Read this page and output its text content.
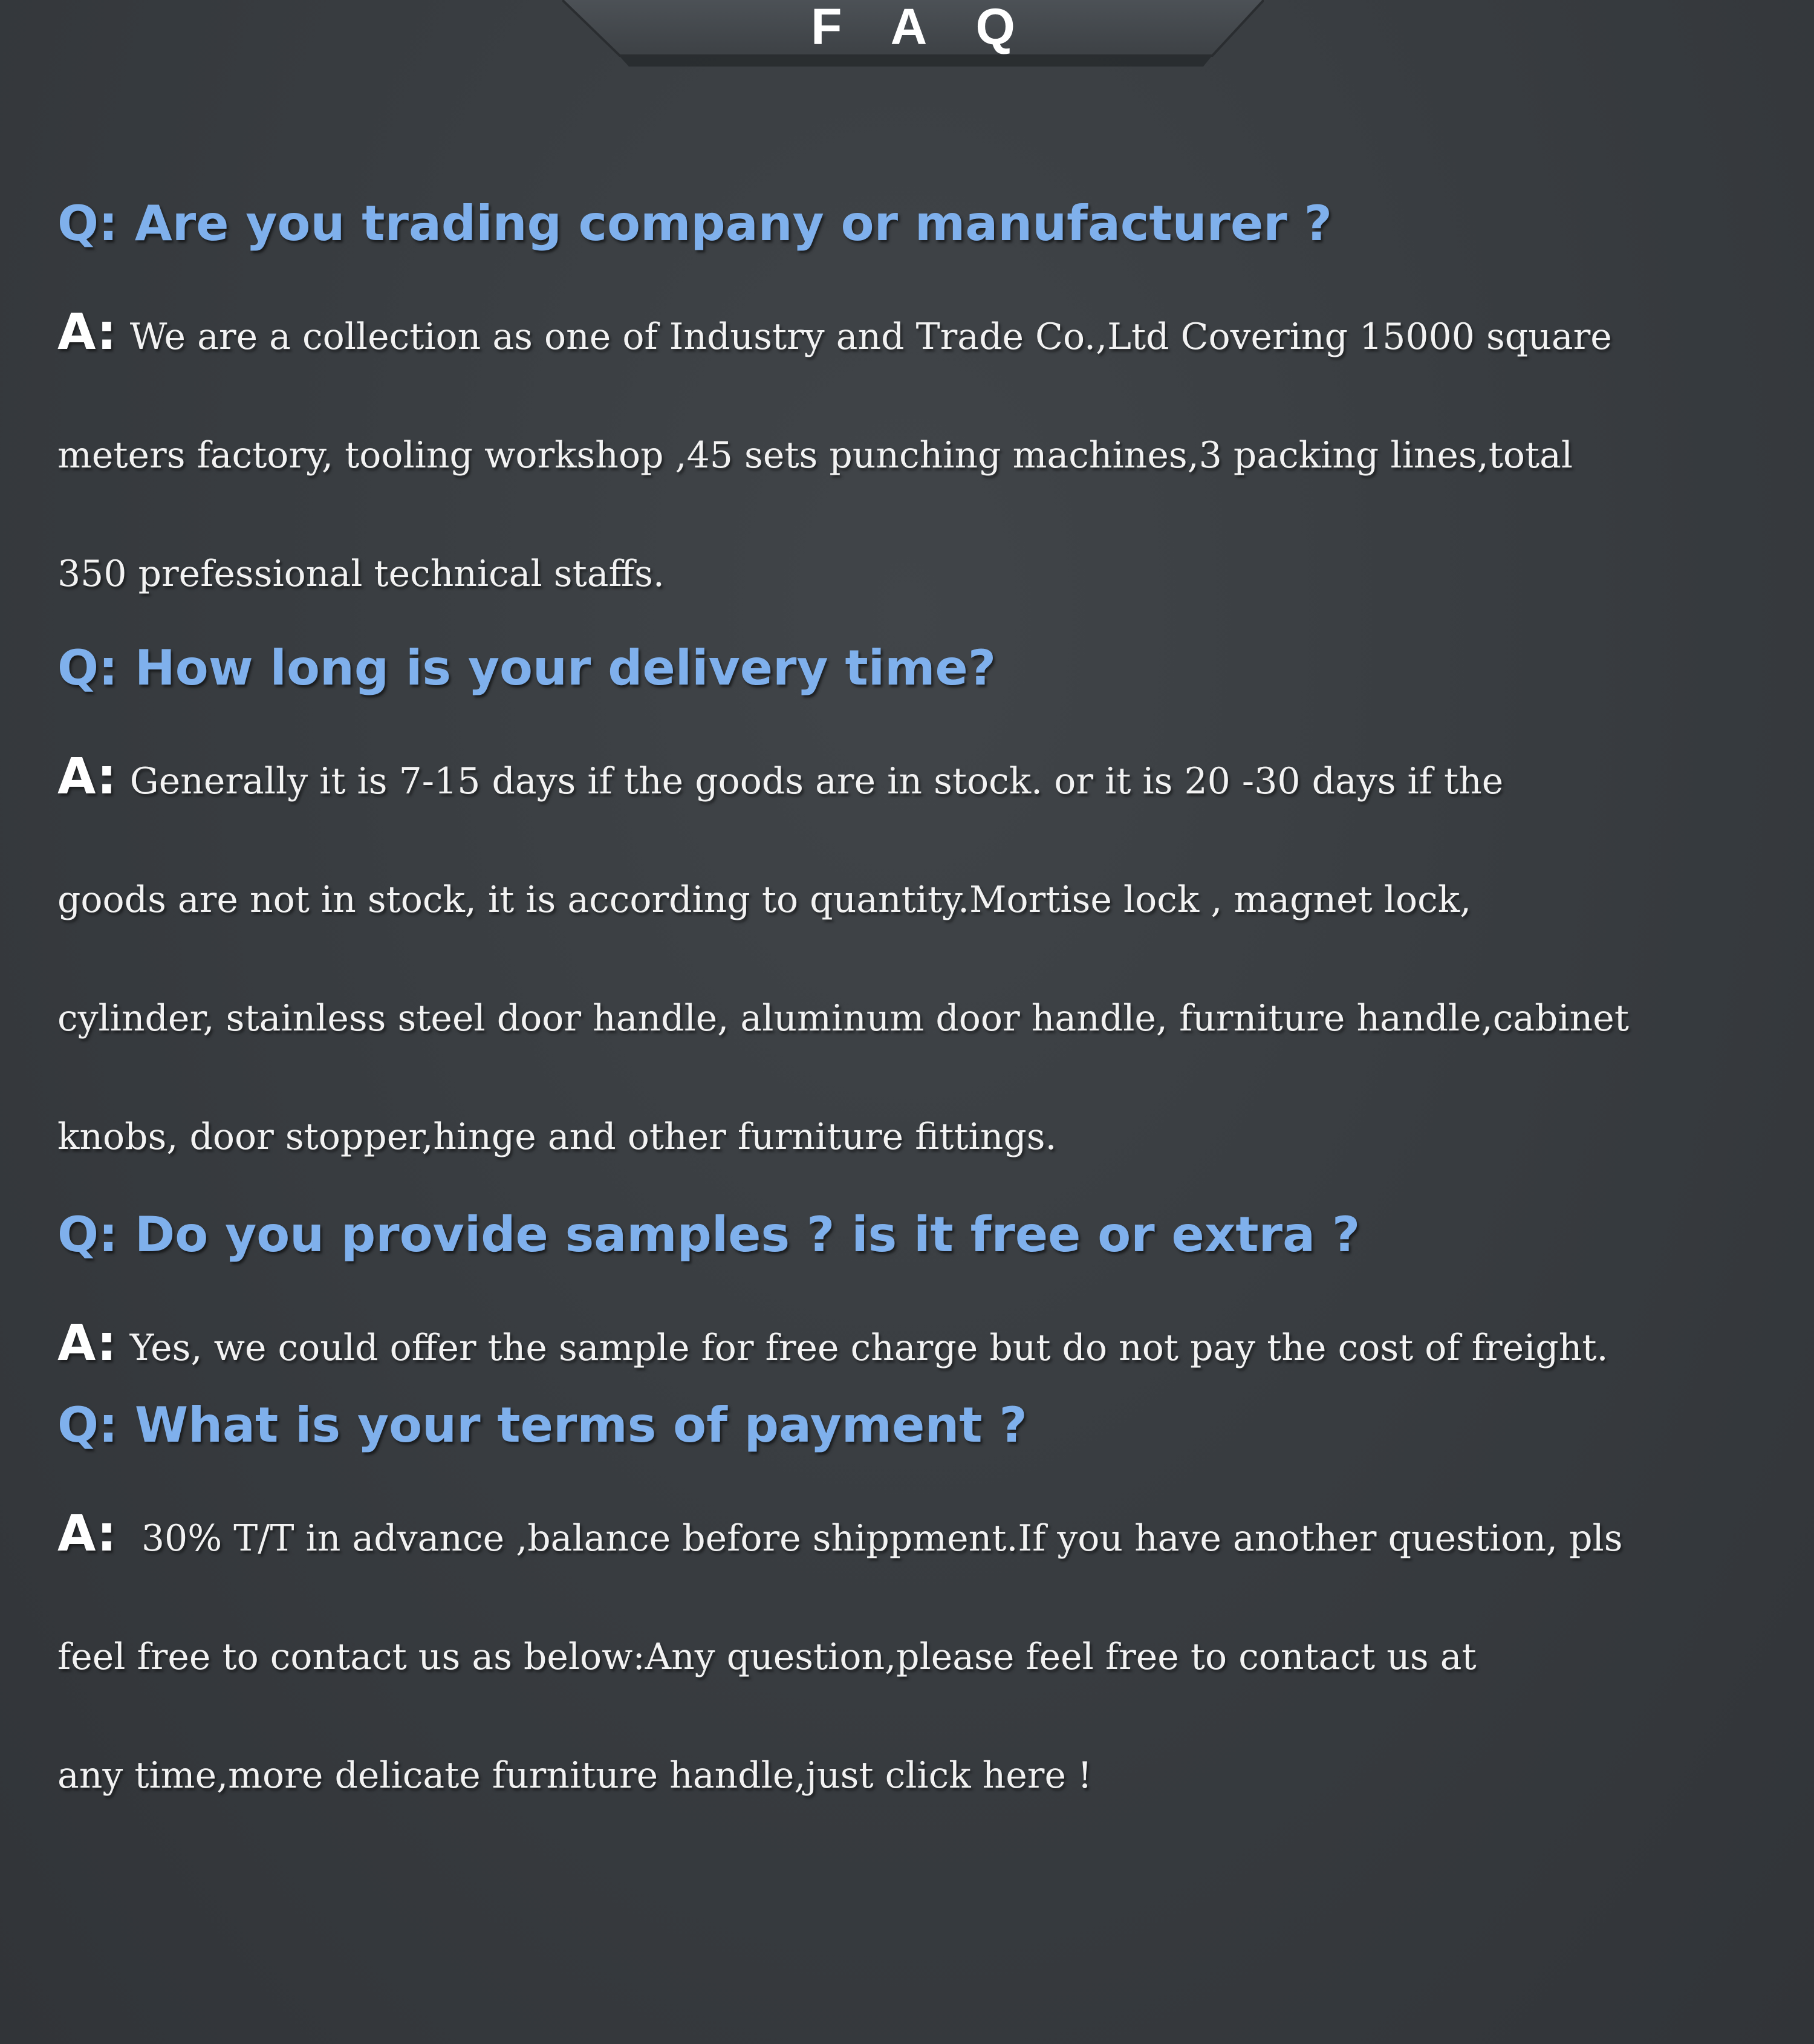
F A Q

Q: Are you trading company or manufacturer ?

A: We are a collection as one of Industry and Trade Co.,Ltd Covering 15000 square
meters factory, tooling workshop ,45 sets punching machines,3 packing lines,total
350 prefessional technical staffs.

Q: How long is your delivery time?

A: Generally it is 7-15 days if the goods are in stock. or it is 20 -30 days if the
goods are not in stock, it is according to quantity.Mortise lock , magnet lock,
cylinder, stainless steel door handle, aluminum door handle, furniture handle,cabinet
knobs, door stopper,hinge and other furniture fittings.

Q: Do you provide samples ? is it free or extra ?

A: Yes, we could offer the sample for free charge but do not pay the cost of freight.

Q: What is your terms of payment ?

A: 30% T/T in advance ,balance before shippment.If you have another question, pls
feel free to contact us as below:Any question,please feel free to contact us at
any time,more delicate furniture handle,just click here !
